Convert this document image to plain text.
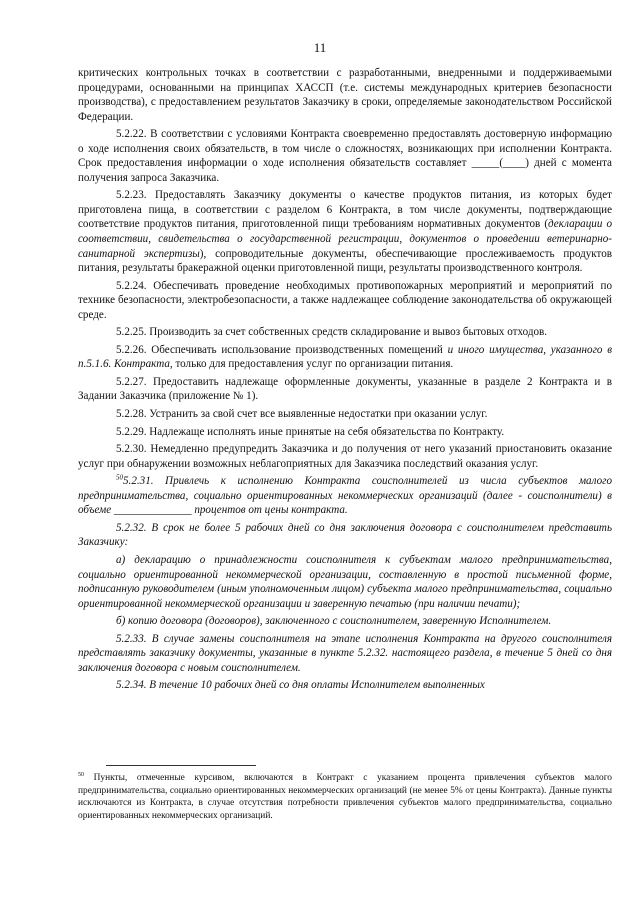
11

критических контрольных точках в соответствии с разработанными, внедренными и поддерживаемыми процедурами, основанными на принципах ХАССП (т.е. системы международных критериев безопасности производства), с предоставлением результатов Заказчику в сроки, определяемые законодательством Российской Федерации.

5.2.22. В соответствии с условиями Контракта своевременно предоставлять достоверную информацию о ходе исполнения своих обязательств, в том числе о сложностях, возникающих при исполнении Контракта. Срок предоставления информации о ходе исполнения обязательств составляет _____(____) дней с момента получения запроса Заказчика.

5.2.23. Предоставлять Заказчику документы о качестве продуктов питания, из которых будет приготовлена пища, в соответствии с разделом 6 Контракта, в том числе документы, подтверждающие соответствие продуктов питания, приготовленной пищи требованиям нормативных документов (декларации о соответствии, свидетельства о государственной регистрации, документов о проведении ветеринарно-санитарной экспертизы), сопроводительные документы, обеспечивающие прослеживаемость продуктов питания, результаты бракеражной оценки приготовленной пищи, результаты производственного контроля.

5.2.24. Обеспечивать проведение необходимых противопожарных мероприятий и мероприятий по технике безопасности, электробезопасности, а также надлежащее соблюдение законодательства об окружающей среде.

5.2.25. Производить за счет собственных средств складирование и вывоз бытовых отходов.

5.2.26. Обеспечивать использование производственных помещений и иного имущества, указанного в п.5.1.6. Контракта, только для предоставления услуг по организации питания.

5.2.27. Предоставить надлежаще оформленные документы, указанные в разделе 2 Контракта и в Задании Заказчика (приложение № 1).

5.2.28. Устранить за свой счет все выявленные недостатки при оказании услуг.

5.2.29. Надлежаще исполнять иные принятые на себя обязательства по Контракту.

5.2.30. Немедленно предупредить Заказчика и до получения от него указаний приостановить оказание услуг при обнаружении возможных неблагоприятных для Заказчика последствий оказания услуг.

$^{50}$5.2.31. Привлечь к исполнению Контракта соисполнителей из числа субъектов малого предпринимательства, социально ориентированных некоммерческих организаций (далее - соисполнители) в объеме ______________ процентов от цены контракта.

5.2.32. В срок не более 5 рабочих дней со дня заключения договора с соисполнителем представить Заказчику:

а) декларацию о принадлежности соисполнителя к субъектам малого предпринимательства, социально ориентированной некоммерческой организации, составленную в простой письменной форме, подписанную руководителем (иным уполномоченным лицом) субъекта малого предпринимательства, социально ориентированной некоммерческой организации и заверенную печатью (при наличии печати);

б) копию договора (договоров), заключенного с соисполнителем, заверенную Исполнителем.

5.2.33. В случае замены соисполнителя на этапе исполнения Контракта на другого соисполнителя представлять заказчику документы, указанные в пункте 5.2.32. настоящего раздела, в течение 5 дней со дня заключения договора с новым соисполнителем.

5.2.34. В течение 10 рабочих дней со дня оплаты Исполнителем выполненных

$^{50}$ Пункты, отмеченные курсивом, включаются в Контракт с указанием процента привлечения субъектов малого предпринимательства, социально ориентированных некоммерческих организаций (не менее 5% от цены Контракта). Данные пункты исключаются из Контракта, в случае отсутствия потребности привлечения субъектов малого предпринимательства, социально ориентированных некоммерческих организаций.
